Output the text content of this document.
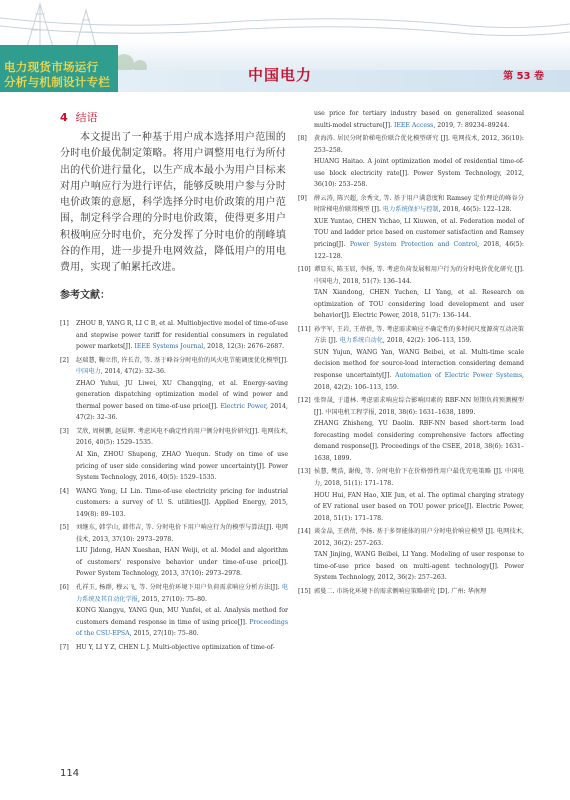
电力现货市场运行
分析与机制设计专栏	中国电力	第 53 卷
4 结语
本文提出了一种基于用户成本选择用户范围的分时电价最优制定策略。将用户调整用电行为所付出的代价进行量化，以生产成本最小为用户目标来对用户响应行为进行评估，能够反映用户参与分时电价政策的意愿，科学选择分时电价政策的用户范围，制定科学合理的分时电价政策，使得更多用户积极响应分时电价，充分发挥了分时电价的削峰填谷的作用，进一步提升电网效益，降低用户的用电费用，实现了帕累托改进。
参考文献：
[1] ZHOU B, YANG R, LI C B, et al. Multiobjective model of time-of-use and stepwise power tariff for residential consumers in regulated power markets[J]. IEEE Systems Journal, 2018, 12(3): 2676–2687.

[2] 赵瑞慧, 鞠立伟, 许长青, 等. 基于峰谷分时电价的风火电节能调度优化模型[J]. 中国电力, 2014, 47(2): 32–36.

ZHAO Yuhui, JU Liwei, XU Changqing, et al. Energy-saving generation dispatching optimization model of wind power and thermal power based on time-of-use price[J]. Electric Power, 2014, 47(2): 32–36.

[3] 艾欣, 周树鹏, 赵晨辉. 考虑风电不确定性的用户侧分时电价研究[J]. 电网技术, 2016, 40(5): 1529–1535.

AI Xin, ZHOU Shupeng, ZHAO Yuequn. Study on time of use pricing of user side considering wind power uncertainty[J]. Power System Technology, 2016, 40(5): 1529–1535.

[4] WANG Yong, LI Lin. Time-of-use electricity pricing for industrial customers: a survey of U. S. utilities[J]. Applied Energy, 2015, 149(8): 89–103.

[5] 刘继东, 韩学山, 韩伟吉, 等. 分时电价下用户响应行为的模型与算法[J]. 电网技术, 2013, 37(10): 2973–2978.

LIU Jidong, HAN Xueshan, HAN Weiji, et al. Model and algorithm of customers' responsive behavior under time-of-use price[J]. Power System Technology, 2013, 37(10): 2973–2978.

[6] 孔祥玉, 杨群, 穆云飞, 等. 分时电价环境下用户负荷需求响应分析方法[J]. 电力系统及其自动化学报, 2015, 27(10): 75–80.

KONG Xiangyu, YANG Qun, MU Yunfei, et al. Analysis method for customers demand response in time of using price[J]. Proceedings of the CSU-EPSA, 2015, 27(10): 75–80.

[7] HU Y, LI Y Z, CHEN L J. Multi-objective optimization of time-of-

use price for tertiary industry based on generalized seasonal multi-model structure[J]. IEEE Access, 2019, 7: 89234–89244.

[8] 黄海涛. 居民分时阶梯电价联合优化模型研究 [J]. 电网技术, 2012, 36(10): 253–258.

HUANG Haitao. A joint optimization model of residential time-of-use block electricity rate[J]. Power System Technology, 2012, 36(10): 253–258.

[9] 薛云涛, 陈兴超, 余秀文, 等. 基于用户满意度和 Ramsey 定价理论的峰谷分时阶梯电价联邦模型 [J]. 电力系统保护与控制, 2018, 46(5): 122–128.

XUE Yuntao, CHEN Yichao, LI Xiuwen, et al. Federation model of TOU and ladder price based on customer satisfaction and Ramsey pricing[J]. Power System Protection and Control, 2018, 46(5): 122–128.

[10] 谭显东, 陈玉辰, 李扬, 等. 考虑负荷发展和用户行为的分时电价优化研究 [J]. 中国电力, 2018, 51(7): 136–144.

TAN Xiandong, CHEN Yuchen, LI Yang, et al. Research on optimization of TOU considering load development and user behavior[J]. Electric Power, 2018, 51(7): 136–144.

[11] 孙宇军, 王岩, 王蓓蓓, 等. 考虑需求响应不确定性的多时间尺度源荷互动决策方法 [J]. 电力系统自动化, 2018, 42(2): 106–113, 159.

SUN Yujun, WANG Yan, WANG Beibei, et al. Multi-time scale decision method for source-load interaction considering demand response uncertainty[J]. Automation of Electric Power Systems, 2018, 42(2): 106–113, 159.

[12] 张智晟, 于道林. 考虑需求响应综合影响因素的 RBF-NN 短期负荷预测模型 [J]. 中国电机工程学报, 2018, 38(6): 1631–1638, 1899.

ZHANG Zhisheng, YU Daolin. RBF-NN based short-term load forecasting model considering comprehensive factors affecting demand response[J]. Proceedings of the CSEE, 2018, 38(6): 1631–1638, 1899.

[13] 侯慧, 樊浩, 谢俊, 等. 分时电价下在价格弹性用户最优充电策略 [J]. 中国电力, 2018, 51(1): 171–178.

HOU Hui, FAN Hao, XIE Jun, et al. The optimal charging strategy of EV rational user based on TOU power price[J]. Electric Power, 2018, 51(1): 171–178.

[14] 谈金晶, 王蓓蓓, 李扬. 基于多智能体的用户分时电价响应模型 [J]. 电网技术, 2012, 36(2): 257–263.

TAN Jinjing, WANG Beibei, LI Yang. Modeling of user response to time-of-use price based on multi-agent technology[J]. Power System Technology, 2012, 36(2): 257–263.

[15] 郭曼二. 市场化环境下的需求侧响应策略研究 [D]. 广州: 华南理

114
